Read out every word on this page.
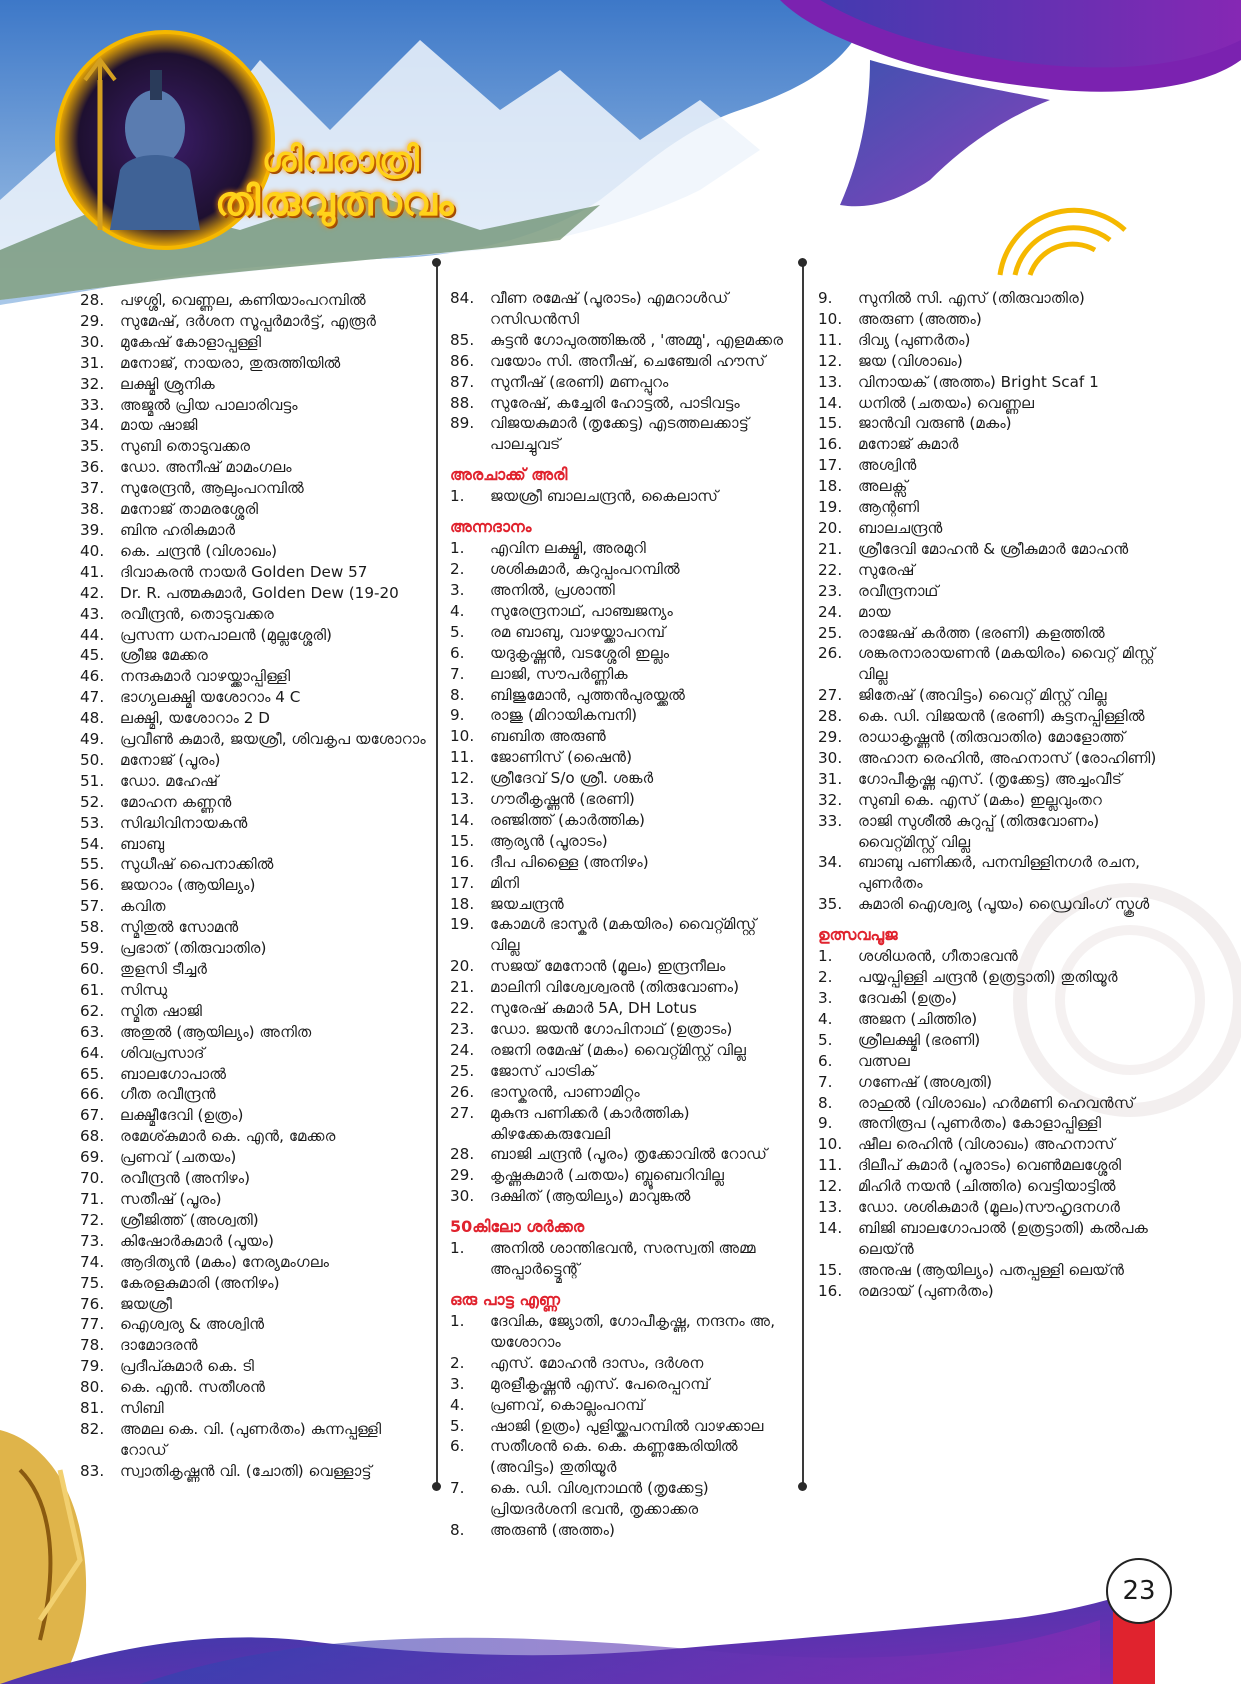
ശിവരാത്രി
തിരുവുത്സവം
28.	പഴശ്ശി, വെണ്ണല, കണിയാംപറമ്പിൽ
29.	സുമേഷ്, ദർശന സൂപ്പർമാർട്ട്, എരൂർ
30.	മുകേഷ് കോളാപ്പള്ളി
31.	മനോജ്, നായരാ, തുരുത്തിയിൽ
32.	ലക്ഷ്മി ശ്രുനിക
33.	അജ്മൽ പ്രിയ പാലാരിവട്ടം
34.	മായ ഷാജി
35.	സുബി തൊടുവക്കര
36.	ഡോ. അനീഷ് മാമംഗലം
37.	സുരേന്ദ്രൻ, ആലുംപറമ്പിൽ
38.	മനോജ് താമരശ്ശേരി
39.	ബിനു ഹരികുമാർ
40.	കെ. ചന്ദ്രൻ (വിശാഖം)
41.	ദിവാകരൻ നായർ Golden Dew 57
42.	Dr. R. പത്മകുമാർ, Golden Dew (19-20
43.	രവീന്ദ്രൻ, തൊടുവക്കര
44.	പ്രസന്ന ധനപാലൻ (മുല്ലശ്ശേരി)
45.	ശ്രീജ മേക്കര
46.	നന്ദകുമാർ വാഴയ്ക്കാപ്പിള്ളി
47.	ഭാഗ്യലക്ഷ്മി യശോറാം 4 C
48.	ലക്ഷ്മി, യശോറാം 2 D
49.	പ്രവീൺ കുമാർ, ജയശ്രീ, ശിവകൃപ യശോറാം
50.	മനോജ് (പൂരം)
51.	ഡോ. മഹേഷ്
52.	മോഹന കണ്ണൻ
53.	സിദ്ധിവിനായകൻ
54.	ബാബു
55.	സുധീഷ് പൈനാക്കിൽ
56.	ജയറാം (ആയില്യം)
57.	കവിത
58.	സ്മിതുൽ സോമൻ
59.	പ്രഭാത് (തിരുവാതിര)
60.	തുളസി ടീച്ചർ
61.	സിന്ധു
62.	സ്മിത ഷാജി
63.	അതുൽ (ആയില്യം) അനിത
64.	ശിവപ്രസാദ്
65.	ബാലഗോപാൽ
66.	ഗീത രവീന്ദ്രൻ
67.	ലക്ഷ്മീദേവി (ഉത്രം)
68.	രമേശ്കുമാർ കെ. എൻ, മേക്കര
69.	പ്രണവ് (ചതയം)
70.	രവീന്ദ്രൻ (അനിഴം)
71.	സതീഷ് (പൂരം)
72.	ശ്രീജിത്ത് (അശ്വതി)
73.	കിഷോർകുമാർ (പൂയം)
74.	ആദിത്യൻ (മകം) നേര്യമംഗലം
75.	കേരളകുമാരി (അനിഴം)
76.	ജയശ്രീ
77.	ഐശ്വര്യ & അശ്വിൻ
78.	ദാമോദരൻ
79.	പ്രദീപ്കുമാർ കെ. ടി
80.	കെ. എൻ. സതീശൻ
81.	സിബി
82.	അമല കെ. വി. (പുണർതം) കുന്നപ്പള്ളി റോഡ്
83.	സ്വാതികൃഷ്ണൻ വി. (ചോതി) വെള്ളാട്ട്
84.	വീണ രമേഷ് (പൂരാടം) എമറാൾഡ് റസിഡൻസി
85.	കുട്ടൻ ഗോപുരത്തിങ്കൽ , 'അമ്മു', എളമക്കര
86.	വയോം സി. അനീഷ്, ചെഞ്ചേരി ഹൗസ്
87.	സുനീഷ് (ഭരണി) മണപ്പുറം
88.	സുരേഷ്, കച്ചേരി ഹോട്ടൽ, പാടിവട്ടം
89.	വിജയകുമാർ (തൃക്കേട്ട) എടത്തലക്കാട്ട് പാലച്ചുവട്
അരചാക്ക് അരി
1.	ജയശ്രീ ബാലചന്ദ്രൻ, കൈലാസ്
അന്നദാനം
1.	എവിന ലക്ഷ്മി, അരമുറി
2.	ശശികുമാർ, കുറുപ്പംപറമ്പിൽ
3.	അനിൽ, പ്രശാന്തി
4.	സുരേന്ദ്രനാഥ്, പാഞ്ചജന്യം
5.	രമ ബാബു, വാഴയ്ക്കാപറമ്പ്
6.	യദുകൃഷ്ണൻ, വടശ്ശേരി ഇല്ലം
7.	ലാജി, സൗപർണ്ണിക
8.	ബിജുമോൻ, പുത്തൻപുരയ്ക്കൽ
9.	രാജു (മിറായികമ്പനി)
10.	ബബിത അരുൺ
11.	ജോണിസ് (ഷൈൻ)
12.	ശ്രീദേവ് S/o ശ്രീ. ശങ്കർ
13.	ഗൗരീകൃഷ്ണൻ (ഭരണി)
14.	രഞ്ജിത്ത് (കാർത്തിക)
15.	ആര്യൻ (പൂരാടം)
16.	ദീപ പിള്ളൈ (അനിഴം)
17.	മിനി
18.	ജയചന്ദ്രൻ
19.	കോമൾ ഭാസ്കർ (മകയിരം) വൈറ്റ്മിസ്റ്റ് വില്ല
20.	സജയ് മേനോൻ (മൂലം) ഇന്ദ്രനീലം
21.	മാലിനി വിശ്വേശ്വരൻ (തിരുവോണം)
22.	സുരേഷ് കുമാർ 5A, DH Lotus
23.	ഡോ. ജയൻ ഗോപിനാഥ് (ഉത്രാടം)
24.	രജനി രമേഷ് (മകം) വൈറ്റ്മിസ്റ്റ് വില്ല
25.	ജോസ് പാട്രിക്
26.	ഭാസ്കരൻ, പാണാമിറ്റം
27.	മുകുന്ദ പണിക്കർ (കാർത്തിക) കിഴക്കേകരുവേലി
28.	ബാജി ചന്ദ്രൻ (പൂരം) തൃക്കോവിൽ റോഡ്
29.	കൃഷ്ണകുമാർ (ചതയം) ബ്ലൂബെറിവില്ല
30.	ദക്ഷിത് (ആയില്യം) മാവുങ്കൽ
50കിലോ ശർക്കര
1.	അനിൽ ശാന്തിഭവൻ, സരസ്വതി അമ്മ അപ്പാർട്ട്മെന്റ്
ഒരു പാട്ട എണ്ണ
1.	ദേവിക, ജ്യോതി, ഗോപീകൃഷ്ണ, നന്ദനം അ, യശോറാം
2.	എസ്. മോഹൻ ദാസം, ദർശന
3.	മുരളീകൃഷ്ണൻ എസ്. പേരെപ്പറമ്പ്
4.	പ്രണവ്, കൊല്ലംപറമ്പ്
5.	ഷാജി (ഉത്രം) പുളിയ്ക്കപറമ്പിൽ വാഴക്കാല
6.	സതീശൻ കെ. കെ. കണ്ണങ്കേരിയിൽ (അവിട്ടം) തുതിയൂർ
7.	കെ. ഡി. വിശ്വനാഥൻ (തൃക്കേട്ട) പ്രിയദർശനി ഭവൻ, തൃക്കാക്കര
8.	അരുൺ (അത്തം)
9.	സുനിൽ സി. എസ് (തിരുവാതിര)
10.	അരുണ (അത്തം)
11.	ദിവ്യ (പുണർതം)
12.	ജയ (വിശാഖം)
13.	വിനായക് (അത്തം) Bright Scaf 1
14.	ധനിൽ (ചതയം) വെണ്ണല
15.	ജാൻവി വരുൺ (മകം)
16.	മനോജ് കുമാർ
17.	അശ്വിൻ
18.	അലക്സ്
19.	ആന്റണി
20.	ബാലചന്ദ്രൻ
21.	ശ്രീദേവി മോഹൻ & ശ്രീകുമാർ മോഹൻ
22.	സുരേഷ്
23.	രവീന്ദ്രനാഥ്
24.	മായ
25.	രാജേഷ് കർത്ത (ഭരണി) കളത്തിൽ
26.	ശങ്കരനാരായണൻ (മകയിരം) വൈറ്റ് മിസ്റ്റ് വില്ല
27.	ജിതേഷ് (അവിട്ടം) വൈറ്റ് മിസ്റ്റ് വില്ല
28.	കെ. ഡി. വിജയൻ (ഭരണി) കുട്ടനപ്പിള്ളിൽ
29.	രാധാകൃഷ്ണൻ (തിരുവാതിര) മോളോത്ത്
30.	അഹാന രെഹിൻ, അഹനാസ് (രോഹിണി)
31.	ഗോപീകൃഷ്ണ എസ്. (തൃക്കേട്ട) അച്ചംവീട്
32.	സുബി കെ. എസ് (മകം) ഇല്ലവുംതറ
33.	രാജി സുശീൽ കുറുപ്പ് (തിരുവോണം) വൈറ്റ്മിസ്റ്റ് വില്ല
34.	ബാബു പണിക്കർ, പനമ്പിള്ളിനഗർ രചന, പുണർതം
35.	കുമാരി ഐശ്വര്യ (പൂയം) ഡ്രൈവിംഗ് സ്കൂൾ
ഉത്സവപൂജ
1.	ശശിധരൻ, ഗീതാഭവൻ
2.	പയ്യപ്പിള്ളി ചന്ദ്രൻ (ഉത്രട്ടാതി) തുതിയൂർ
3.	ദേവകി (ഉത്രം)
4.	അജന (ചിത്തിര)
5.	ശ്രീലക്ഷ്മി (ഭരണി)
6.	വത്സല
7.	ഗണേഷ് (അശ്വതി)
8.	രാഹുൽ (വിശാഖം) ഹർമണി ഹെവൻസ്
9.	അനിരൂപ (പുണർതം) കോളാപ്പിള്ളി
10.	ഷീല രെഹിൻ (വിശാഖം) അഹനാസ്
11.	ദിലീപ് കുമാർ (പൂരാടം) വെൺമലശ്ശേരി
12.	മിഹിർ നയൻ (ചിത്തിര) വെട്ടിയാട്ടിൽ
13.	ഡോ. ശശികുമാർ (മൂലം)സൗഹൃദനഗർ
14.	ബിജി ബാലഗോപാൽ (ഉത്രട്ടാതി) കൽപക ലെയ്ൻ
15.	അനുഷ (ആയില്യം) പതപ്പള്ളി ലെയ്ൻ
16.	രമദായ് (പുണർതം)
23
